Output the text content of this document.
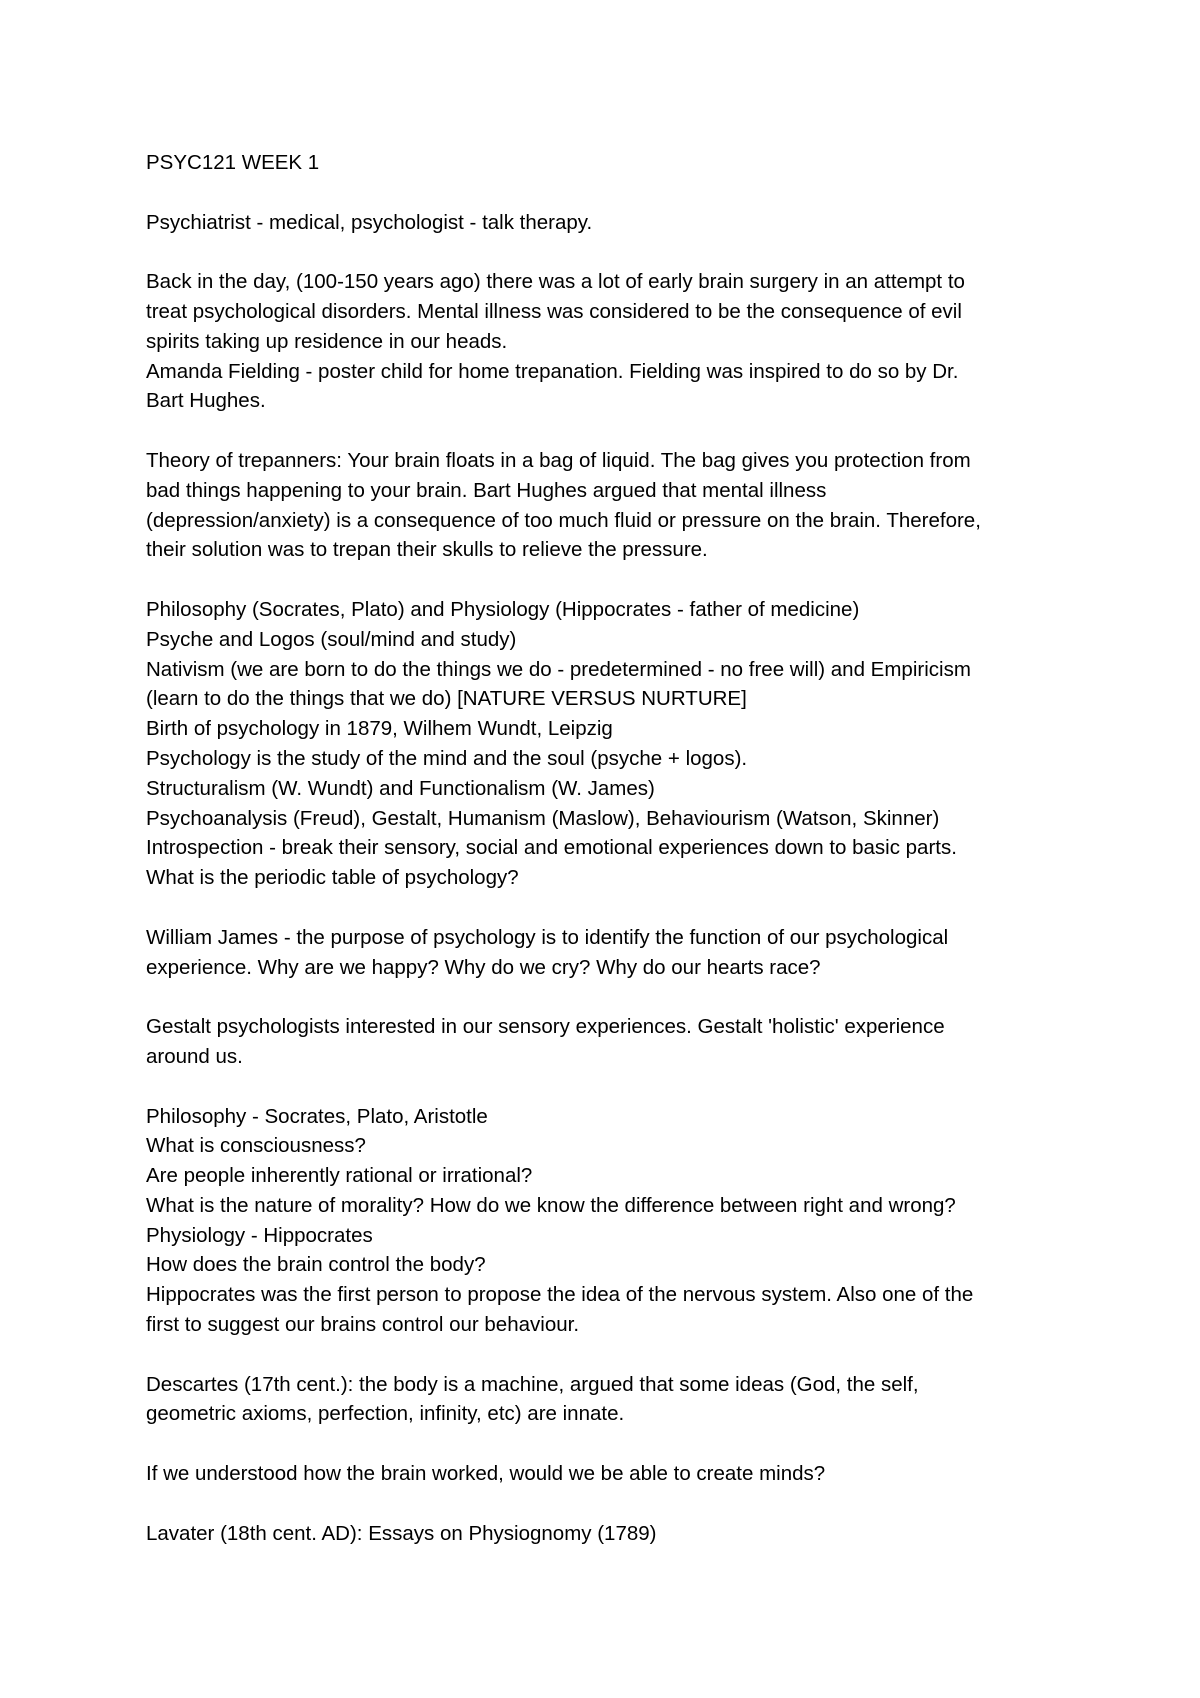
PSYC121 WEEK 1
Psychiatrist - medical, psychologist - talk therapy.
Back in the day, (100-150 years ago) there was a lot of early brain surgery in an attempt to
treat psychological disorders. Mental illness was considered to be the consequence of evil
spirits taking up residence in our heads.
Amanda Fielding - poster child for home trepanation. Fielding was inspired to do so by Dr.
Bart Hughes.
Theory of trepanners: Your brain floats in a bag of liquid. The bag gives you protection from
bad things happening to your brain. Bart Hughes argued that mental illness
(depression/anxiety) is a consequence of too much fluid or pressure on the brain. Therefore,
their solution was to trepan their skulls to relieve the pressure.
Philosophy (Socrates, Plato) and Physiology (Hippocrates - father of medicine)
Psyche and Logos (soul/mind and study)
Nativism (we are born to do the things we do - predetermined - no free will) and Empiricism
(learn to do the things that we do) [NATURE VERSUS NURTURE]
Birth of psychology in 1879, Wilhem Wundt, Leipzig
Psychology is the study of the mind and the soul (psyche + logos).
Structuralism (W. Wundt) and Functionalism (W. James)
Psychoanalysis (Freud), Gestalt, Humanism (Maslow), Behaviourism (Watson, Skinner)
Introspection - break their sensory, social and emotional experiences down to basic parts.
What is the periodic table of psychology?
William James - the purpose of psychology is to identify the function of our psychological
experience. Why are we happy? Why do we cry? Why do our hearts race?
Gestalt psychologists interested in our sensory experiences. Gestalt 'holistic' experience
around us.
Philosophy - Socrates, Plato, Aristotle
What is consciousness?
Are people inherently rational or irrational?
What is the nature of morality? How do we know the difference between right and wrong?
Physiology - Hippocrates
How does the brain control the body?
Hippocrates was the first person to propose the idea of the nervous system. Also one of the
first to suggest our brains control our behaviour.
Descartes (17th cent.): the body is a machine, argued that some ideas (God, the self,
geometric axioms, perfection, infinity, etc) are innate.
If we understood how the brain worked, would we be able to create minds?
Lavater (18th cent. AD): Essays on Physiognomy (1789)
